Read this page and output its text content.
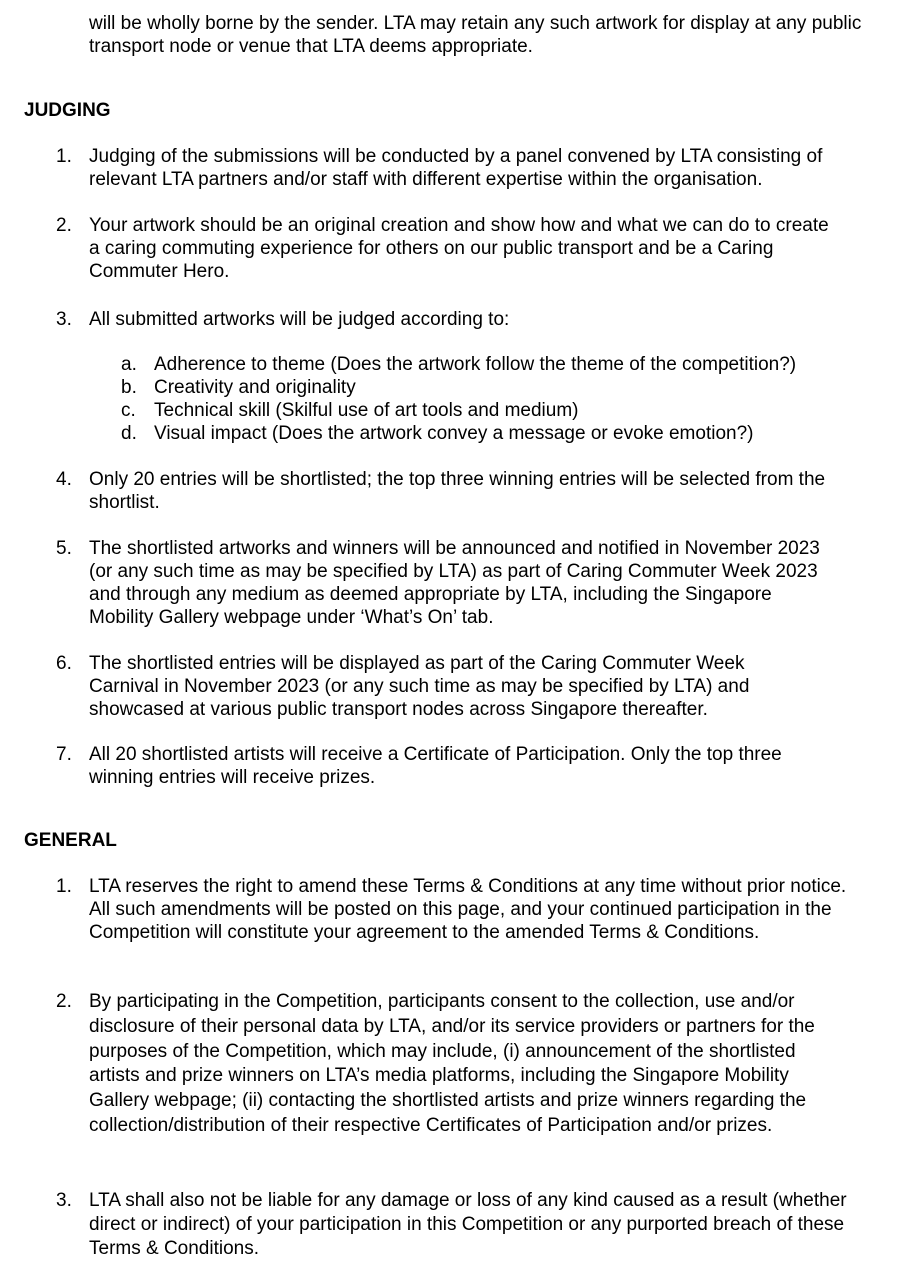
will be wholly borne by the sender. LTA may retain any such artwork for display at any public transport node or venue that LTA deems appropriate.

JUDGING
1. Judging of the submissions will be conducted by a panel convened by LTA consisting of relevant LTA partners and/or staff with different expertise within the organisation.

2. Your artwork should be an original creation and show how and what we can do to create a caring commuting experience for others on our public transport and be a Caring Commuter Hero.

3. All submitted artworks will be judged according to:

a. Adherence to theme (Does the artwork follow the theme of the competition?)

b. Creativity and originality

c. Technical skill (Skilful use of art tools and medium)

d. Visual impact (Does the artwork convey a message or evoke emotion?)

4. Only 20 entries will be shortlisted; the top three winning entries will be selected from the shortlist.

5. The shortlisted artworks and winners will be announced and notified in November 2023 (or any such time as may be specified by LTA) as part of Caring Commuter Week 2023 and through any medium as deemed appropriate by LTA, including the Singapore Mobility Gallery webpage under ‘What’s On’ tab.

6. The shortlisted entries will be displayed as part of the Caring Commuter Week Carnival in November 2023 (or any such time as may be specified by LTA) and showcased at various public transport nodes across Singapore thereafter.

7. All 20 shortlisted artists will receive a Certificate of Participation. Only the top three winning entries will receive prizes.

GENERAL
1. LTA reserves the right to amend these Terms & Conditions at any time without prior notice. All such amendments will be posted on this page, and your continued participation in the Competition will constitute your agreement to the amended Terms & Conditions.

2. By participating in the Competition, participants consent to the collection, use and/or disclosure of their personal data by LTA, and/or its service providers or partners for the purposes of the Competition, which may include, (i) announcement of the shortlisted artists and prize winners on LTA’s media platforms, including the Singapore Mobility Gallery webpage; (ii) contacting the shortlisted artists and prize winners regarding the collection/distribution of their respective Certificates of Participation and/or prizes.

3. LTA shall also not be liable for any damage or loss of any kind caused as a result (whether direct or indirect) of your participation in this Competition or any purported breach of these Terms & Conditions.
